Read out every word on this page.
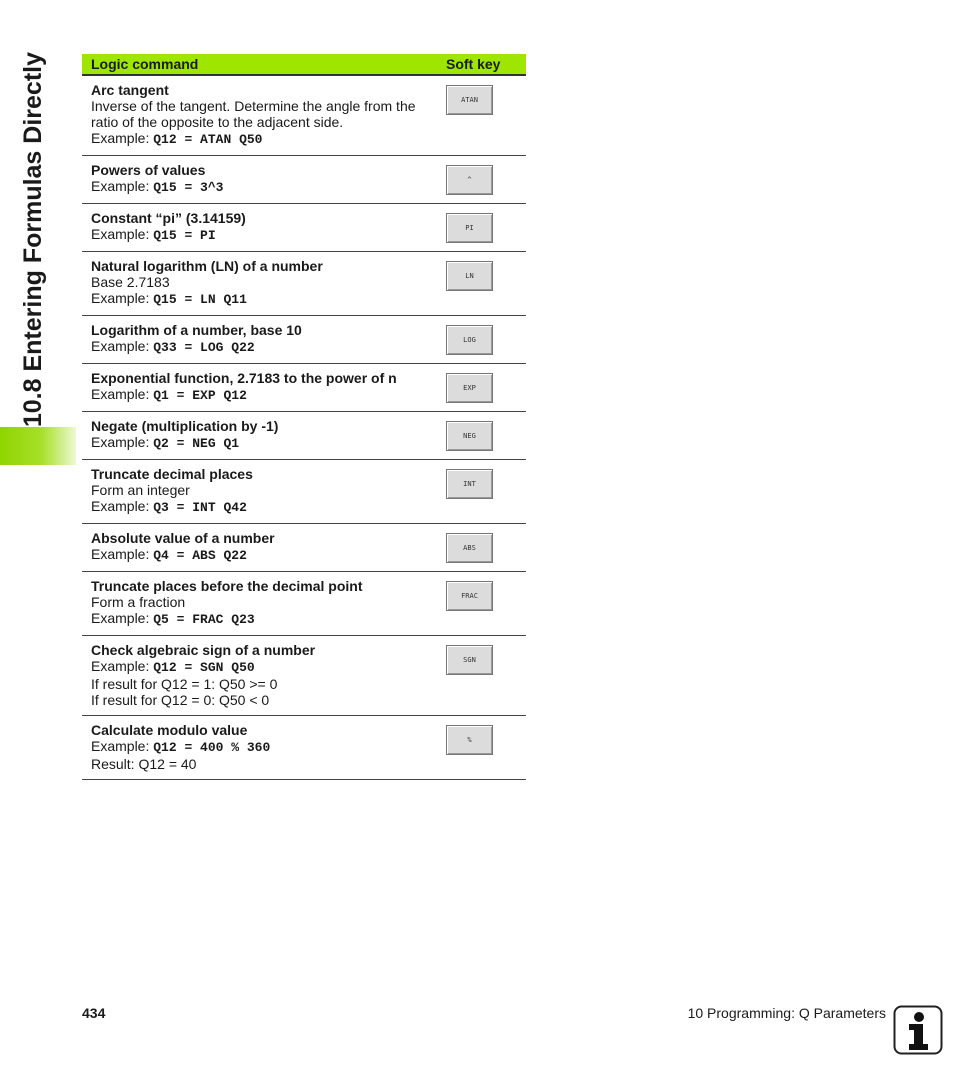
10.8 Entering Formulas Directly	Logic command	Soft key

Arc tangent
Inverse of the tangent. Determine the angle from the ratio of the opposite to the adjacent side.
Example: Q12 = ATAN Q50	ATAN

Powers of values
Example: Q15 = 3^3	^

Constant “pi” (3.14159)
Example: Q15 = PI	PI

Natural logarithm (LN) of a number
Base 2.7183
Example: Q15 = LN Q11	LN

Logarithm of a number, base 10
Example: Q33 = LOG Q22	LOG

Exponential function, 2.7183 to the power of n
Example: Q1 = EXP Q12	EXP

Negate (multiplication by -1)
Example: Q2 = NEG Q1	NEG

Truncate decimal places
Form an integer
Example: Q3 = INT Q42	INT

Absolute value of a number
Example: Q4 = ABS Q22	ABS

Truncate places before the decimal point
Form a fraction
Example: Q5 = FRAC Q23	FRAC

Check algebraic sign of a number
Example: Q12 = SGN Q50
If result for Q12 = 1: Q50 >= 0
If result for Q12 = 0: Q50 < 0	SGN

Calculate modulo value
Example: Q12 = 400 % 360
Result: Q12 = 40	%
434	10 Programming: Q Parameters
